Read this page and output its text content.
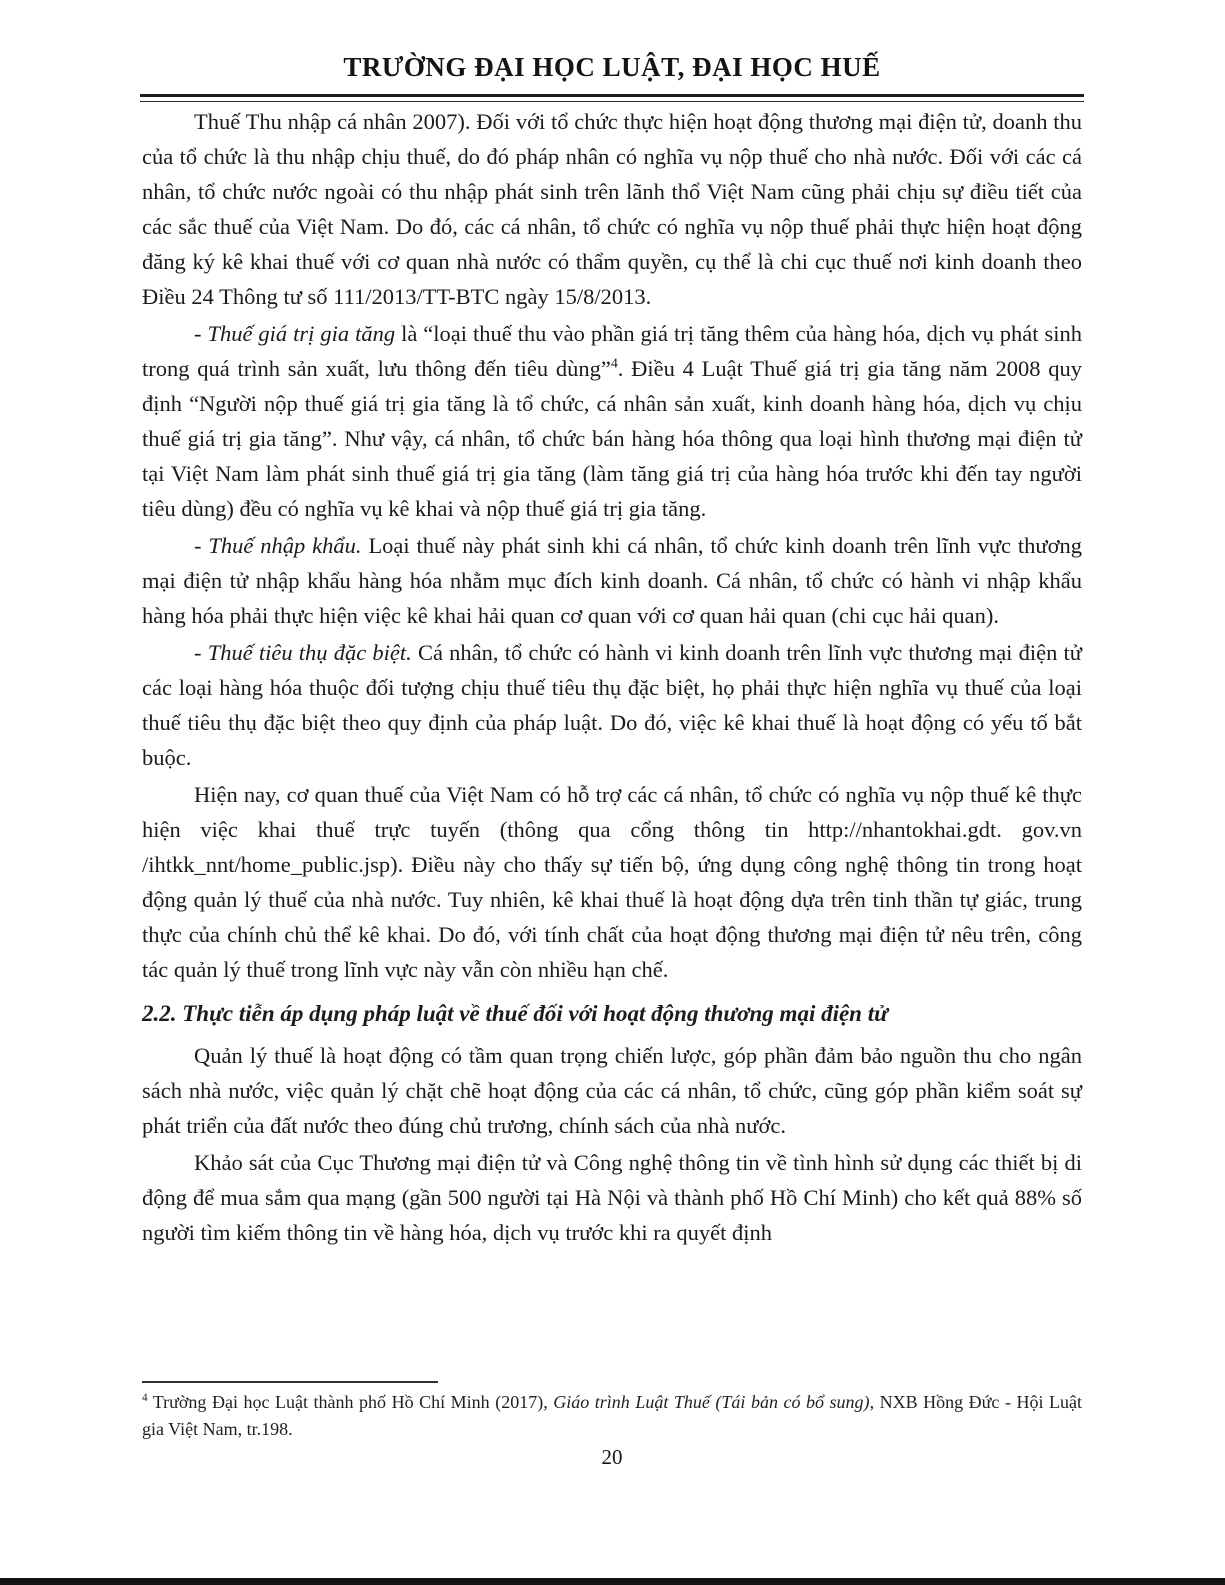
TRƯỜNG ĐẠI HỌC LUẬT, ĐẠI HỌC HUẾ

Thuế Thu nhập cá nhân 2007). Đối với tổ chức thực hiện hoạt động thương mại điện tử, doanh thu của tổ chức là thu nhập chịu thuế, do đó pháp nhân có nghĩa vụ nộp thuế cho nhà nước. Đối với các cá nhân, tổ chức nước ngoài có thu nhập phát sinh trên lãnh thổ Việt Nam cũng phải chịu sự điều tiết của các sắc thuế của Việt Nam. Do đó, các cá nhân, tổ chức có nghĩa vụ nộp thuế phải thực hiện hoạt động đăng ký kê khai thuế với cơ quan nhà nước có thẩm quyền, cụ thể là chi cục thuế nơi kinh doanh theo Điều 24 Thông tư số 111/2013/TT-BTC ngày 15/8/2013.

- Thuế giá trị gia tăng là “loại thuế thu vào phần giá trị tăng thêm của hàng hóa, dịch vụ phát sinh trong quá trình sản xuất, lưu thông đến tiêu dùng”$^4$. Điều 4 Luật Thuế giá trị gia tăng năm 2008 quy định “Người nộp thuế giá trị gia tăng là tổ chức, cá nhân sản xuất, kinh doanh hàng hóa, dịch vụ chịu thuế giá trị gia tăng”. Như vậy, cá nhân, tổ chức bán hàng hóa thông qua loại hình thương mại điện tử tại Việt Nam làm phát sinh thuế giá trị gia tăng (làm tăng giá trị của hàng hóa trước khi đến tay người tiêu dùng) đều có nghĩa vụ kê khai và nộp thuế giá trị gia tăng.

- Thuế nhập khẩu. Loại thuế này phát sinh khi cá nhân, tổ chức kinh doanh trên lĩnh vực thương mại điện tử nhập khẩu hàng hóa nhằm mục đích kinh doanh. Cá nhân, tổ chức có hành vi nhập khẩu hàng hóa phải thực hiện việc kê khai hải quan cơ quan với cơ quan hải quan (chi cục hải quan).

- Thuế tiêu thụ đặc biệt. Cá nhân, tổ chức có hành vi kinh doanh trên lĩnh vực thương mại điện tử các loại hàng hóa thuộc đối tượng chịu thuế tiêu thụ đặc biệt, họ phải thực hiện nghĩa vụ thuế của loại thuế tiêu thụ đặc biệt theo quy định của pháp luật. Do đó, việc kê khai thuế là hoạt động có yếu tố bắt buộc.

Hiện nay, cơ quan thuế của Việt Nam có hỗ trợ các cá nhân, tổ chức có nghĩa vụ nộp thuế kê thực hiện việc khai thuế trực tuyến (thông qua cổng thông tin http://nhantokhai.gdt. gov.vn /ihtkk_nnt/home_public.jsp). Điều này cho thấy sự tiến bộ, ứng dụng công nghệ thông tin trong hoạt động quản lý thuế của nhà nước. Tuy nhiên, kê khai thuế là hoạt động dựa trên tinh thần tự giác, trung thực của chính chủ thể kê khai. Do đó, với tính chất của hoạt động thương mại điện tử nêu trên, công tác quản lý thuế trong lĩnh vực này vẫn còn nhiều hạn chế.

2.2. Thực tiễn áp dụng pháp luật về thuế đối với hoạt động thương mại điện tử

Quản lý thuế là hoạt động có tầm quan trọng chiến lược, góp phần đảm bảo nguồn thu cho ngân sách nhà nước, việc quản lý chặt chẽ hoạt động của các cá nhân, tổ chức, cũng góp phần kiểm soát sự phát triển của đất nước theo đúng chủ trương, chính sách của nhà nước.

Khảo sát của Cục Thương mại điện tử và Công nghệ thông tin về tình hình sử dụng các thiết bị di động để mua sắm qua mạng (gần 500 người tại Hà Nội và thành phố Hồ Chí Minh) cho kết quả 88% số người tìm kiếm thông tin về hàng hóa, dịch vụ trước khi ra quyết định

$^4$ Trường Đại học Luật thành phố Hồ Chí Minh (2017), Giáo trình Luật Thuế (Tái bản có bổ sung), NXB Hồng Đức - Hội Luật gia Việt Nam, tr.198.
20
